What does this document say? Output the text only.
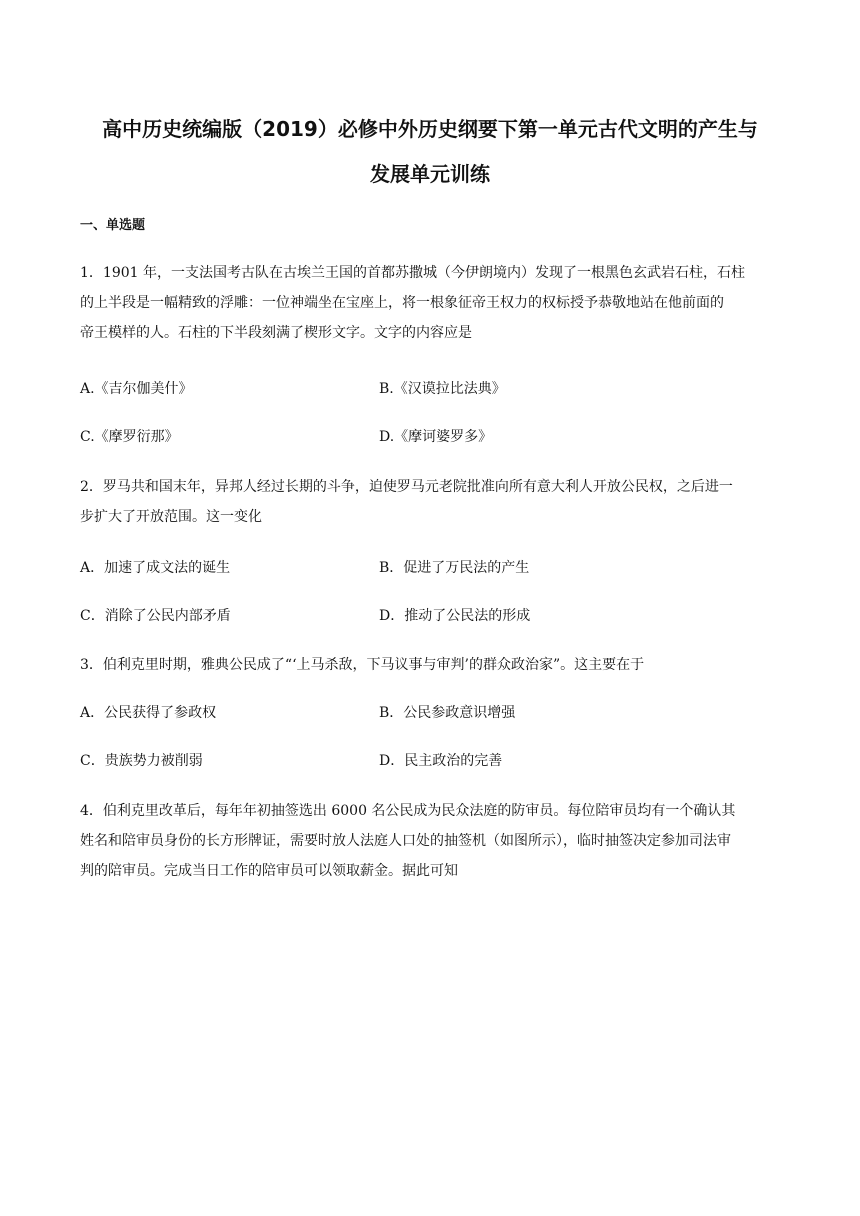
高中历史统编版（2019）必修中外历史纲要下第一单元古代文明的产生与
发展单元训练
一、单选题
1．1901 年，一支法国考古队在古埃兰王国的首都苏撒城（今伊朗境内）发现了一根黑色玄武岩石柱，石柱
的上半段是一幅精致的浮雕：一位神端坐在宝座上，将一根象征帝王权力的权标授予恭敬地站在他前面的
帝王模样的人。石柱的下半段刻满了楔形文字。文字的内容应是
A.《吉尔伽美什》	B.《汉谟拉比法典》
C.《摩罗衍那》	D.《摩诃婆罗多》
2．罗马共和国末年，异邦人经过长期的斗争，迫使罗马元老院批准向所有意大利人开放公民权，之后进一
步扩大了开放范围。这一变化
A．加速了成文法的诞生	B．促进了万民法的产生
C．消除了公民内部矛盾	D．推动了公民法的形成
3．伯利克里时期，雅典公民成了“‘上马杀敌，下马议事与审判’的群众政治家”。这主要在于
A．公民获得了参政权	B．公民参政意识增强
C．贵族势力被削弱	D．民主政治的完善
4．伯利克里改革后，每年年初抽签选出 6000 名公民成为民众法庭的防审员。每位陪审员均有一个确认其
姓名和陪审员身份的长方形牌证，需要时放人法庭人口处的抽签机（如图所示），临时抽签决定参加司法审
判的陪审员。完成当日工作的陪审员可以领取薪金。据此可知
